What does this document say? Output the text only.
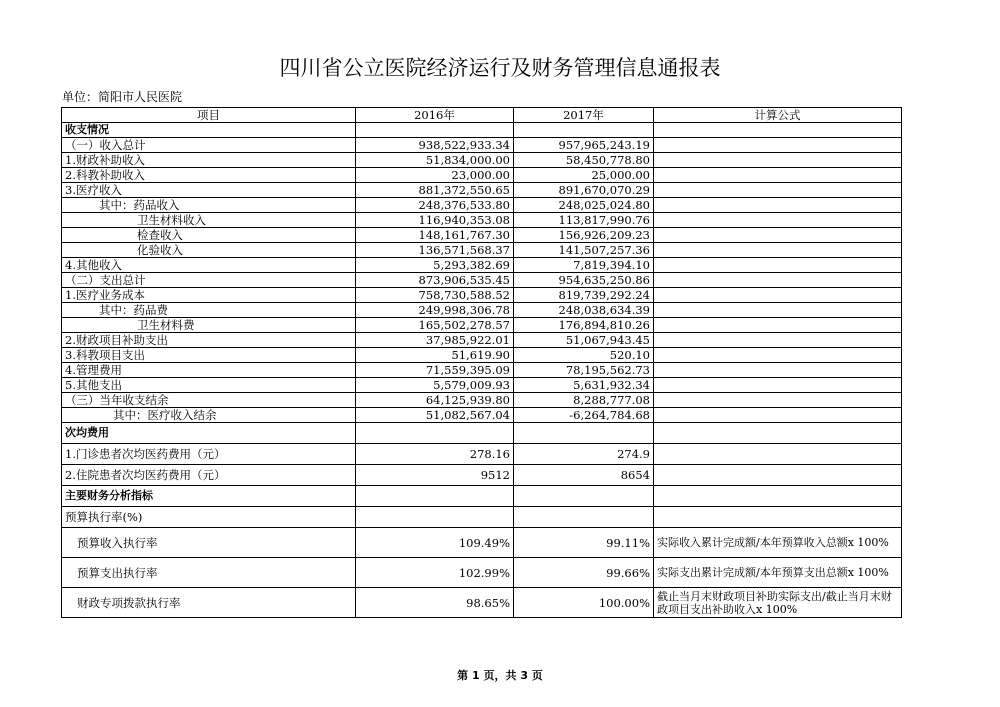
四川省公立医院经济运行及财务管理信息通报表
单位：简阳市人民医院
项目	2016年	2017年	计算公式
收支情况			
（一）收入总计	938,522,933.34	957,965,243.19	
1.财政补助收入	51,834,000.00	58,450,778.80	
2.科教补助收入	23,000.00	25,000.00	
3.医疗收入	881,372,550.65	891,670,070.29	
其中：药品收入	248,376,533.80	248,025,024.80	
卫生材料收入	116,940,353.08	113,817,990.76	
检查收入	148,161,767.30	156,926,209.23	
化验收入	136,571,568.37	141,507,257.36	
4.其他收入	5,293,382.69	7,819,394.10	
（二）支出总计	873,906,535.45	954,635,250.86	
1.医疗业务成本	758,730,588.52	819,739,292.24	
其中：药品费	249,998,306.78	248,038,634.39	
卫生材料费	165,502,278.57	176,894,810.26	
2.财政项目补助支出	37,985,922.01	51,067,943.45	
3.科教项目支出	51,619.90	520.10	
4.管理费用	71,559,395.09	78,195,562.73	
5.其他支出	5,579,009.93	5,631,932.34	
（三）当年收支结余	64,125,939.80	8,288,777.08	
其中：医疗收入结余	51,082,567.04	-6,264,784.68	
次均费用			
1.门诊患者次均医药费用（元）	278.16	274.9	
2.住院患者次均医药费用（元）	9512	8654	
主要财务分析指标			
预算执行率(%)			
预算收入执行率	109.49%	99.11%	实际收入累计完成额/本年预算收入总额x 100%
预算支出执行率	102.99%	99.66%	实际支出累计完成额/本年预算支出总额x 100%
财政专项拨款执行率	98.65%	100.00%	截止当月末财政项目补助实际支出/截止当月末财政项目支出补助收入x 100%
第 1 页，共 3 页
